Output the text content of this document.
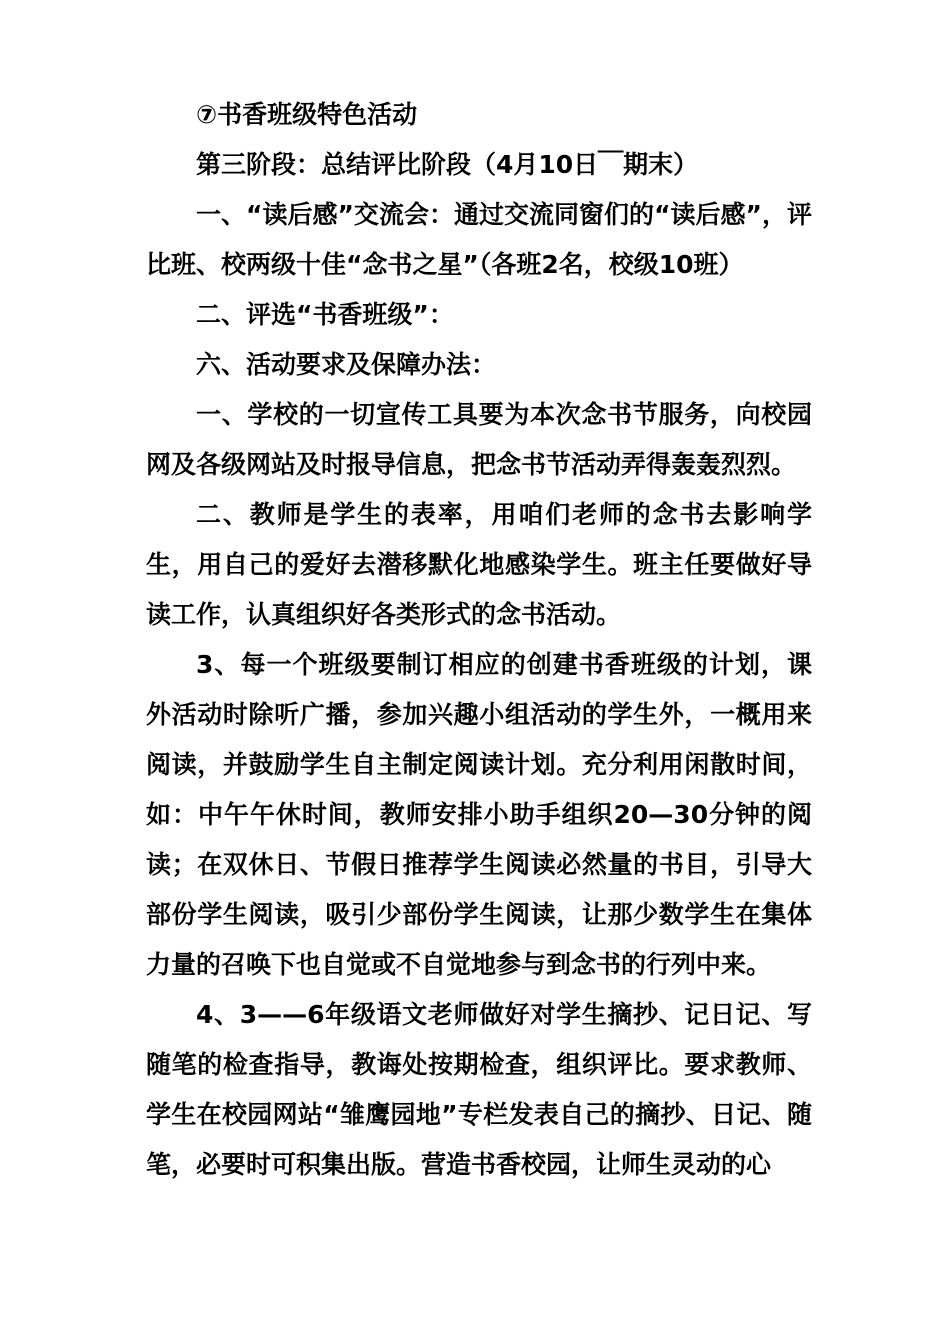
⑦书香班级特色活动

第三阶段：总结评比阶段（4月10日￣期末）

一、“读后感”交流会：通过交流同窗们的“读后感”，评比班、校两级十佳“念书之星”（各班2名，校级10班）

二、评选“书香班级”：

六、活动要求及保障办法：

一、学校的一切宣传工具要为本次念书节服务，向校园网及各级网站及时报导信息，把念书节活动弄得轰轰烈烈。

二、教师是学生的表率，用咱们老师的念书去影响学生，用自己的爱好去潜移默化地感染学生。班主任要做好导读工作，认真组织好各类形式的念书活动。

3、每一个班级要制订相应的创建书香班级的计划，课外活动时除听广播，参加兴趣小组活动的学生外，一概用来阅读，并鼓励学生自主制定阅读计划。充分利用闲散时间，如：中午午休时间，教师安排小助手组织20—30分钟的阅读；在双休日、节假日推荐学生阅读必然量的书目，引导大部份学生阅读，吸引少部份学生阅读，让那少数学生在集体力量的召唤下也自觉或不自觉地参与到念书的行列中来。

4、3——6年级语文老师做好对学生摘抄、记日记、写随笔的检查指导，教诲处按期检查，组织评比。要求教师、学生在校园网站“雏鹰园地”专栏发表自己的摘抄、日记、随笔，必要时可积集出版。营造书香校园，让师生灵动的心
